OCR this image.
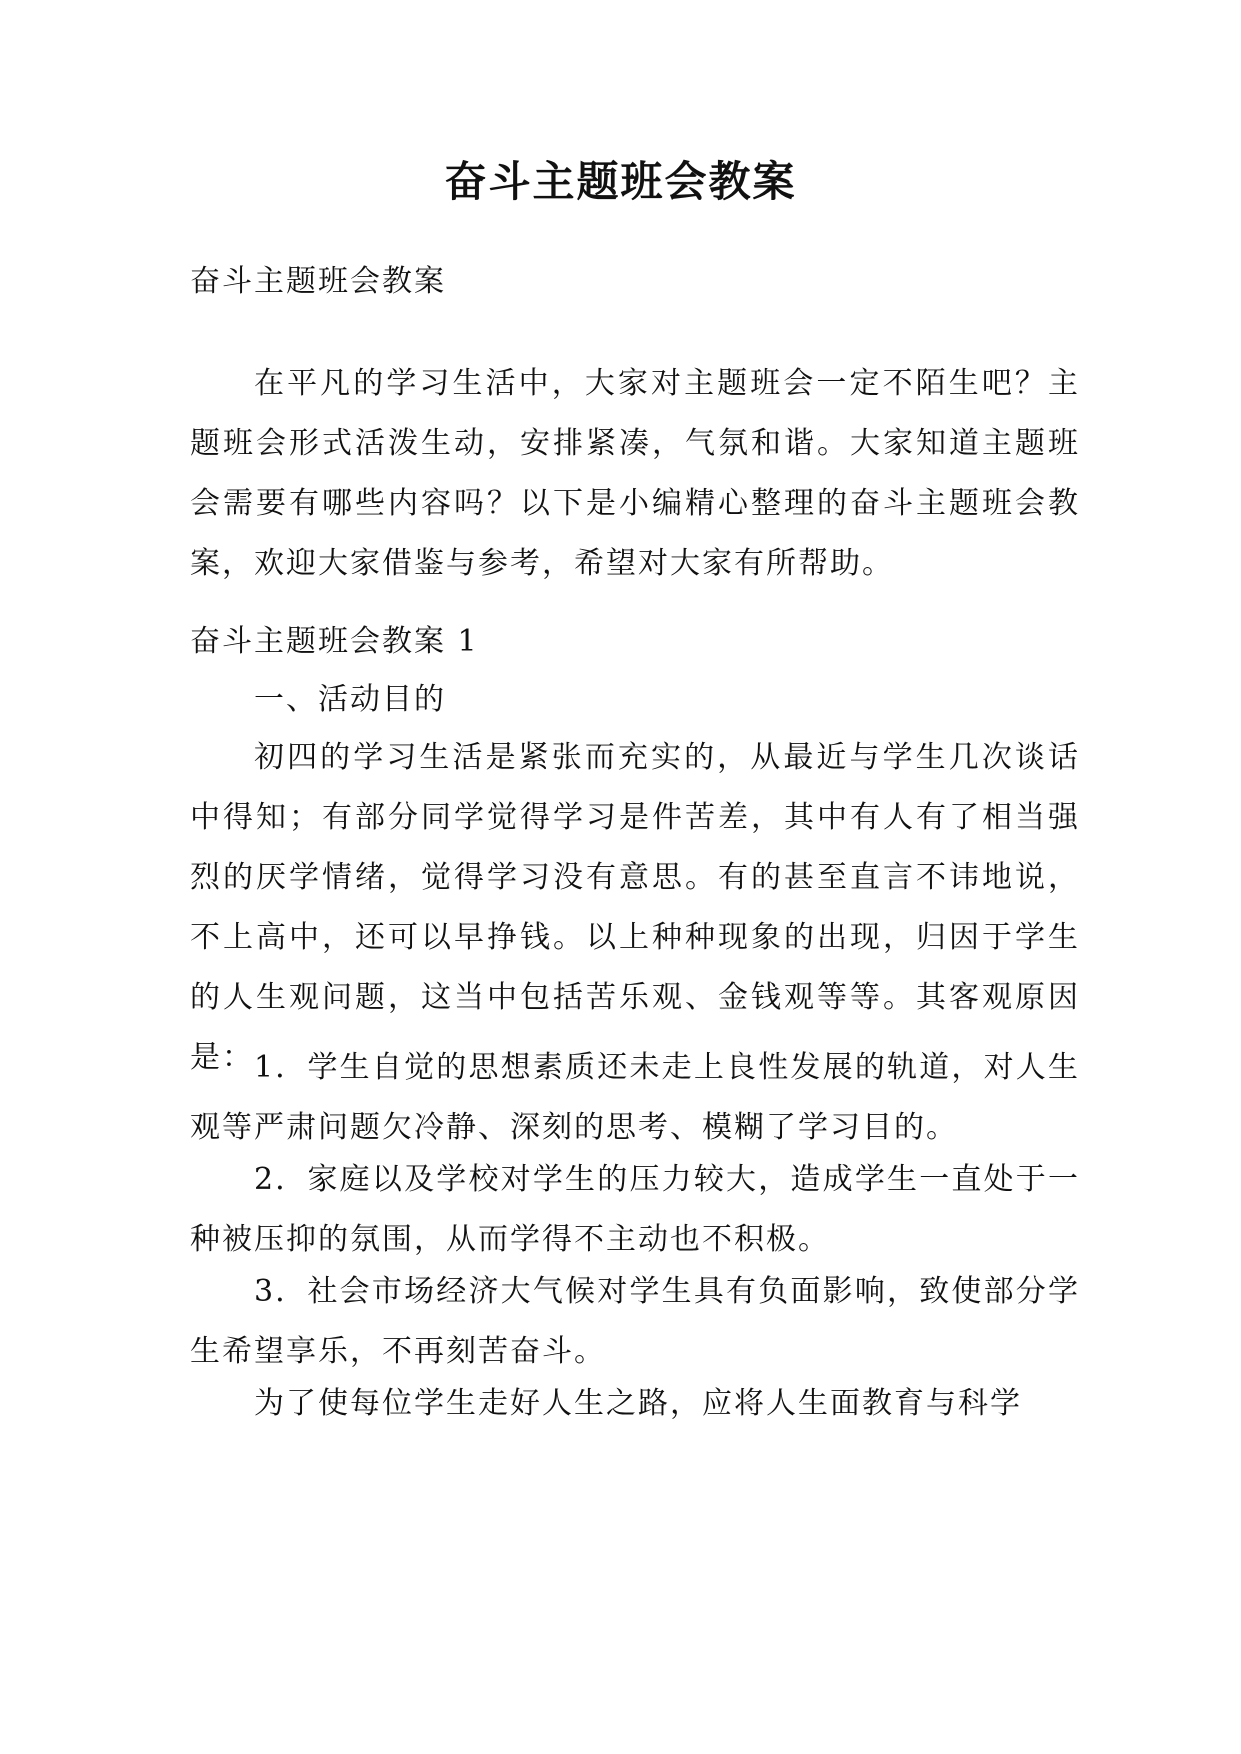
奋斗主题班会教案

奋斗主题班会教案

在平凡的学习生活中，大家对主题班会一定不陌生吧？主题班会形式活泼生动，安排紧凑，气氛和谐。大家知道主题班会需要有哪些内容吗？以下是小编精心整理的奋斗主题班会教案，欢迎大家借鉴与参考，希望对大家有所帮助。

奋斗主题班会教案 1

一、活动目的

初四的学习生活是紧张而充实的，从最近与学生几次谈话中得知；有部分同学觉得学习是件苦差，其中有人有了相当强烈的厌学情绪，觉得学习没有意思。有的甚至直言不讳地说，不上高中，还可以早挣钱。以上种种现象的出现，归因于学生的人生观问题，这当中包括苦乐观、金钱观等等。其客观原因是： 1．学生自觉的思想素质还未走上良性发展的轨道，对人生观等严肃问题欠冷静、深刻的思考、模糊了学习目的。

2．家庭以及学校对学生的压力较大，造成学生一直处于一种被压抑的氛围，从而学得不主动也不积极。

3．社会市场经济大气候对学生具有负面影响，致使部分学生希望享乐，不再刻苦奋斗。

为了使每位学生走好人生之路，应将人生面教育与科学
